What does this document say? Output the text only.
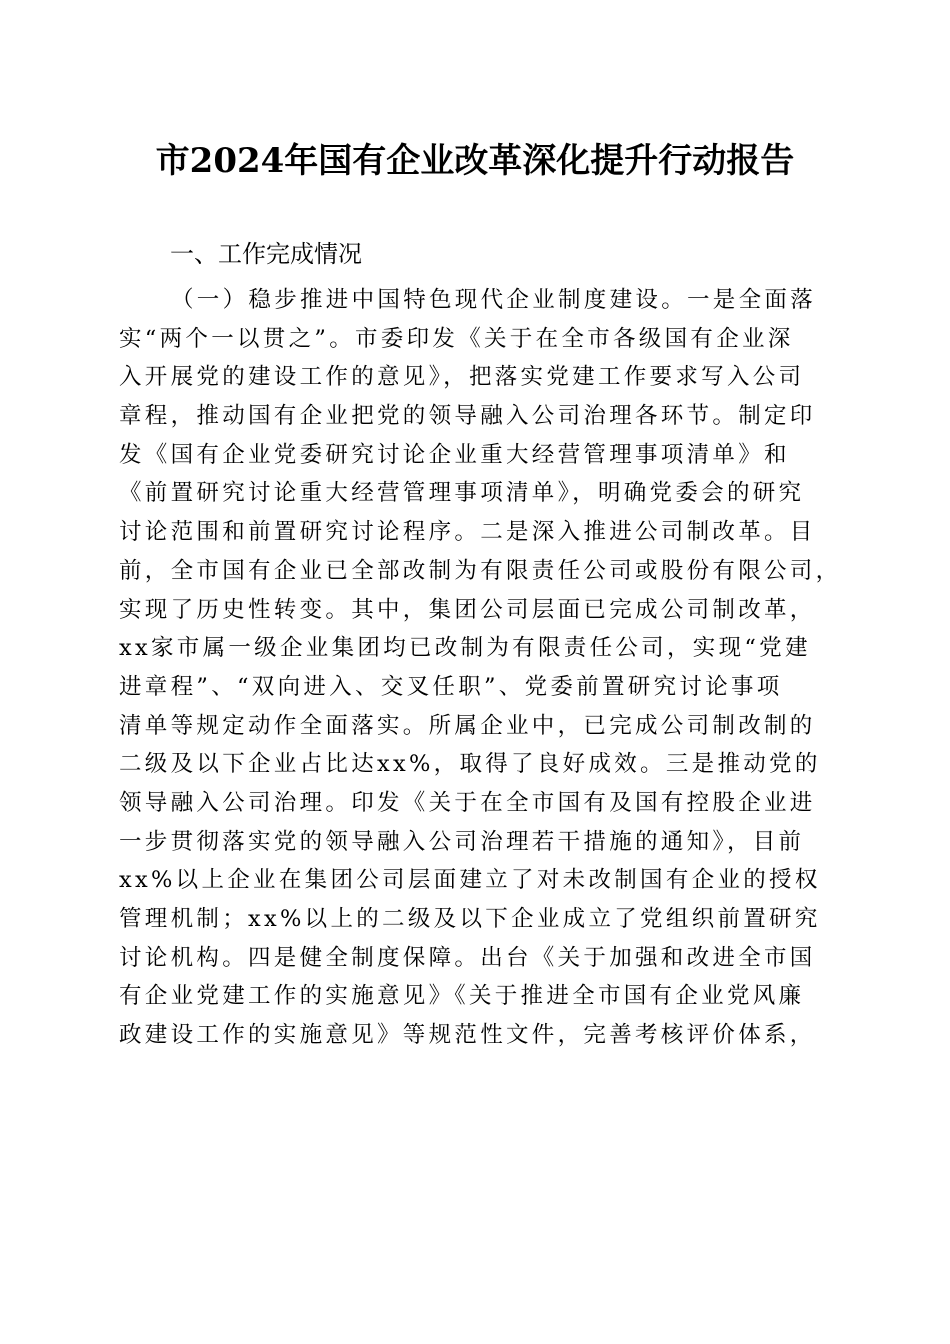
市2024年国有企业改革深化提升行动报告
一、工作完成情况
（一）稳步推进中国特色现代企业制度建设。一是全面落
实“两个一以贯之”。市委印发《关于在全市各级国有企业深
入开展党的建设工作的意见》，把落实党建工作要求写入公司
章程，推动国有企业把党的领导融入公司治理各环节。制定印
发《国有企业党委研究讨论企业重大经营管理事项清单》和
《前置研究讨论重大经营管理事项清单》，明确党委会的研究
讨论范围和前置研究讨论程序。二是深入推进公司制改革。目
前，全市国有企业已全部改制为有限责任公司或股份有限公司，
实现了历史性转变。其中，集团公司层面已完成公司制改革，
xx家市属一级企业集团均已改制为有限责任公司，实现“党建
进章程”、“双向进入、交叉任职”、党委前置研究讨论事项
清单等规定动作全面落实。所属企业中，已完成公司制改制的
二级及以下企业占比达xx%，取得了良好成效。三是推动党的
领导融入公司治理。印发《关于在全市国有及国有控股企业进
一步贯彻落实党的领导融入公司治理若干措施的通知》，目前
xx%以上企业在集团公司层面建立了对未改制国有企业的授权
管理机制；xx%以上的二级及以下企业成立了党组织前置研究
讨论机构。四是健全制度保障。出台《关于加强和改进全市国
有企业党建工作的实施意见》《关于推进全市国有企业党风廉
政建设工作的实施意见》等规范性文件，完善考核评价体系，
